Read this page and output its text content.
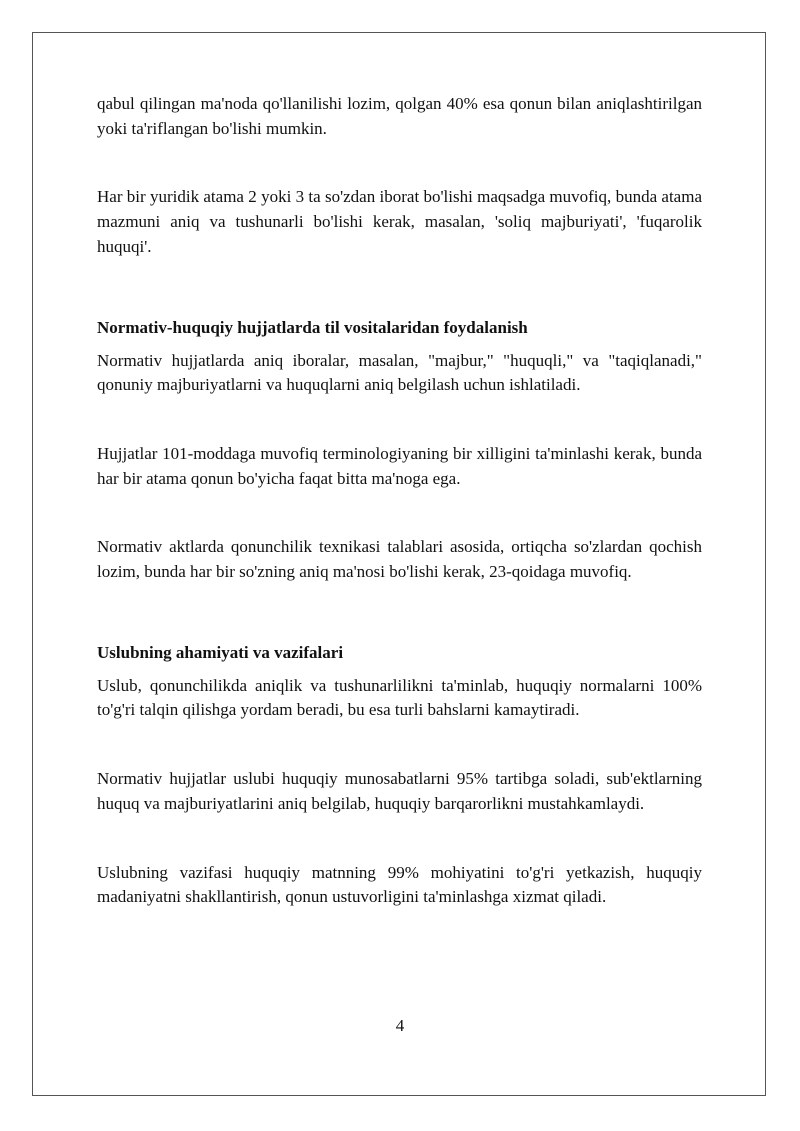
qabul qilingan ma'noda qo'llanilishi lozim, qolgan 40% esa qonun bilan aniqlashtirilgan yoki ta'riflangan bo'lishi mumkin.

Har bir yuridik atama 2 yoki 3 ta so'zdan iborat bo'lishi maqsadga muvofiq, bunda atama mazmuni aniq va tushunarli bo'lishi kerak, masalan, 'soliq majburiyati', 'fuqarolik huquqi'.

Normativ-huquqiy hujjatlarda til vositalaridan foydalanish

Normativ hujjatlarda aniq iboralar, masalan, "majbur," "huquqli," va "taqiqlanadi," qonuniy majburiyatlarni va huquqlarni aniq belgilash uchun ishlatiladi.

Hujjatlar 101-moddaga muvofiq terminologiyaning bir xilligini ta'minlashi kerak, bunda har bir atama qonun bo'yicha faqat bitta ma'noga ega.

Normativ aktlarda qonunchilik texnikasi talablari asosida, ortiqcha so'zlardan qochish lozim, bunda har bir so'zning aniq ma'nosi bo'lishi kerak, 23-qoidaga muvofiq.

Uslubning ahamiyati va vazifalari

Uslub, qonunchilikda aniqlik va tushunarlilikni ta'minlab, huquqiy normalarni 100% to'g'ri talqin qilishga yordam beradi, bu esa turli bahslarni kamaytiradi.

Normativ hujjatlar uslubi huquqiy munosabatlarni 95% tartibga soladi, sub'ektlarning huquq va majburiyatlarini aniq belgilab, huquqiy barqarorlikni mustahkamlaydi.

Uslubning vazifasi huquqiy matnning 99% mohiyatini to'g'ri yetkazish, huquqiy madaniyatni shakllantirish, qonun ustuvorligini ta'minlashga xizmat qiladi.

4
